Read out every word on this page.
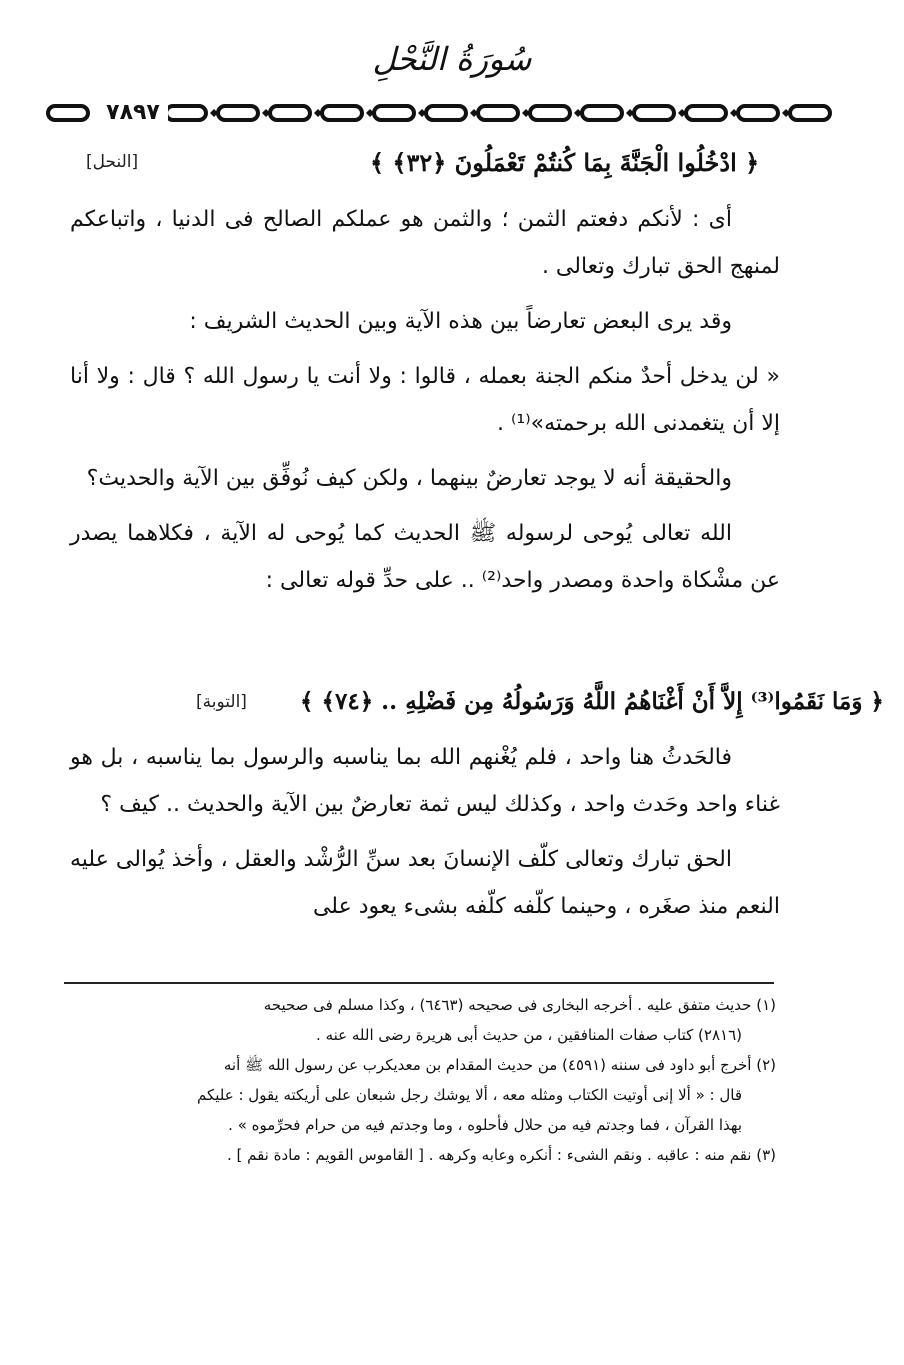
سُورَةُ النَّحْلِ
٧٨٩٧
﴿ ادْخُلُوا الْجَنَّةَ بِمَا كُنتُمْ تَعْمَلُونَ ﴿٣٢﴾ ﴾
[النحل]

أى : لأنكم دفعتم الثمن ؛ والثمن هو عملكم الصالح فى الدنيا ، واتباعكم لمنهج الحق تبارك وتعالى .

وقد يرى البعض تعارضاً بين هذه الآية وبين الحديث الشريف :

« لن يدخل أحدٌ منكم الجنة بعمله ، قالوا : ولا أنت يا رسول الله ؟ قال : ولا أنا إلا أن يتغمدنى الله برحمته»⁽¹⁾ .

والحقيقة أنه لا يوجد تعارضٌ بينهما ، ولكن كيف نُوفِّق بين الآية والحديث؟

الله تعالى يُوحى لرسوله ﷺ الحديث كما يُوحى له الآية ، فكلاهما يصدر عن مشْكاة واحدة ومصدر واحد⁽²⁾ .. على حدِّ قوله تعالى :

﴿ وَمَا نَقَمُوا⁽³⁾ إِلاَّ أَنْ أَغْنَاهُمُ اللَّهُ وَرَسُولُهُ مِن فَضْلِهِ .. ﴿٧٤﴾ ﴾
[التوبة]

فالحَدثُ هنا واحد ، فلم يُغْنهم الله بما يناسبه والرسول بما يناسبه ، بل هو غناء واحد وحَدث واحد ، وكذلك ليس ثمة تعارضٌ بين الآية والحديث .. كيف ؟

الحق تبارك وتعالى كلّف الإنسانَ بعد سنِّ الرُّشْد والعقل ، وأخذ يُوالى عليه النعم منذ صغَره ، وحينما كلّفه كلّفه بشىء يعود على

(١) حديث متفق عليه . أخرجه البخارى فى صحيحه (٦٤٦٣) ، وكذا مسلم فى صحيحه
(٢٨١٦) كتاب صفات المنافقين ، من حديث أبى هريرة رضى الله عنه .
(٢) أخرج أبو داود فى سننه (٤٥٩١) من حديث المقدام بن معديكرب عن رسول الله ﷺ أنه
قال : « ألا إنى أوتيت الكتاب ومثله معه ، ألا يوشك رجل شبعان على أريكته يقول : عليكم
بهذا القرآن ، فما وجدتم فيه من حلال فأحلوه ، وما وجدتم فيه من حرام فحرِّموه » .
(٣) نقم منه : عاقبه . ونقم الشىء : أنكره وعابه وكرهه . [ القاموس القويم : مادة نقم ] .
